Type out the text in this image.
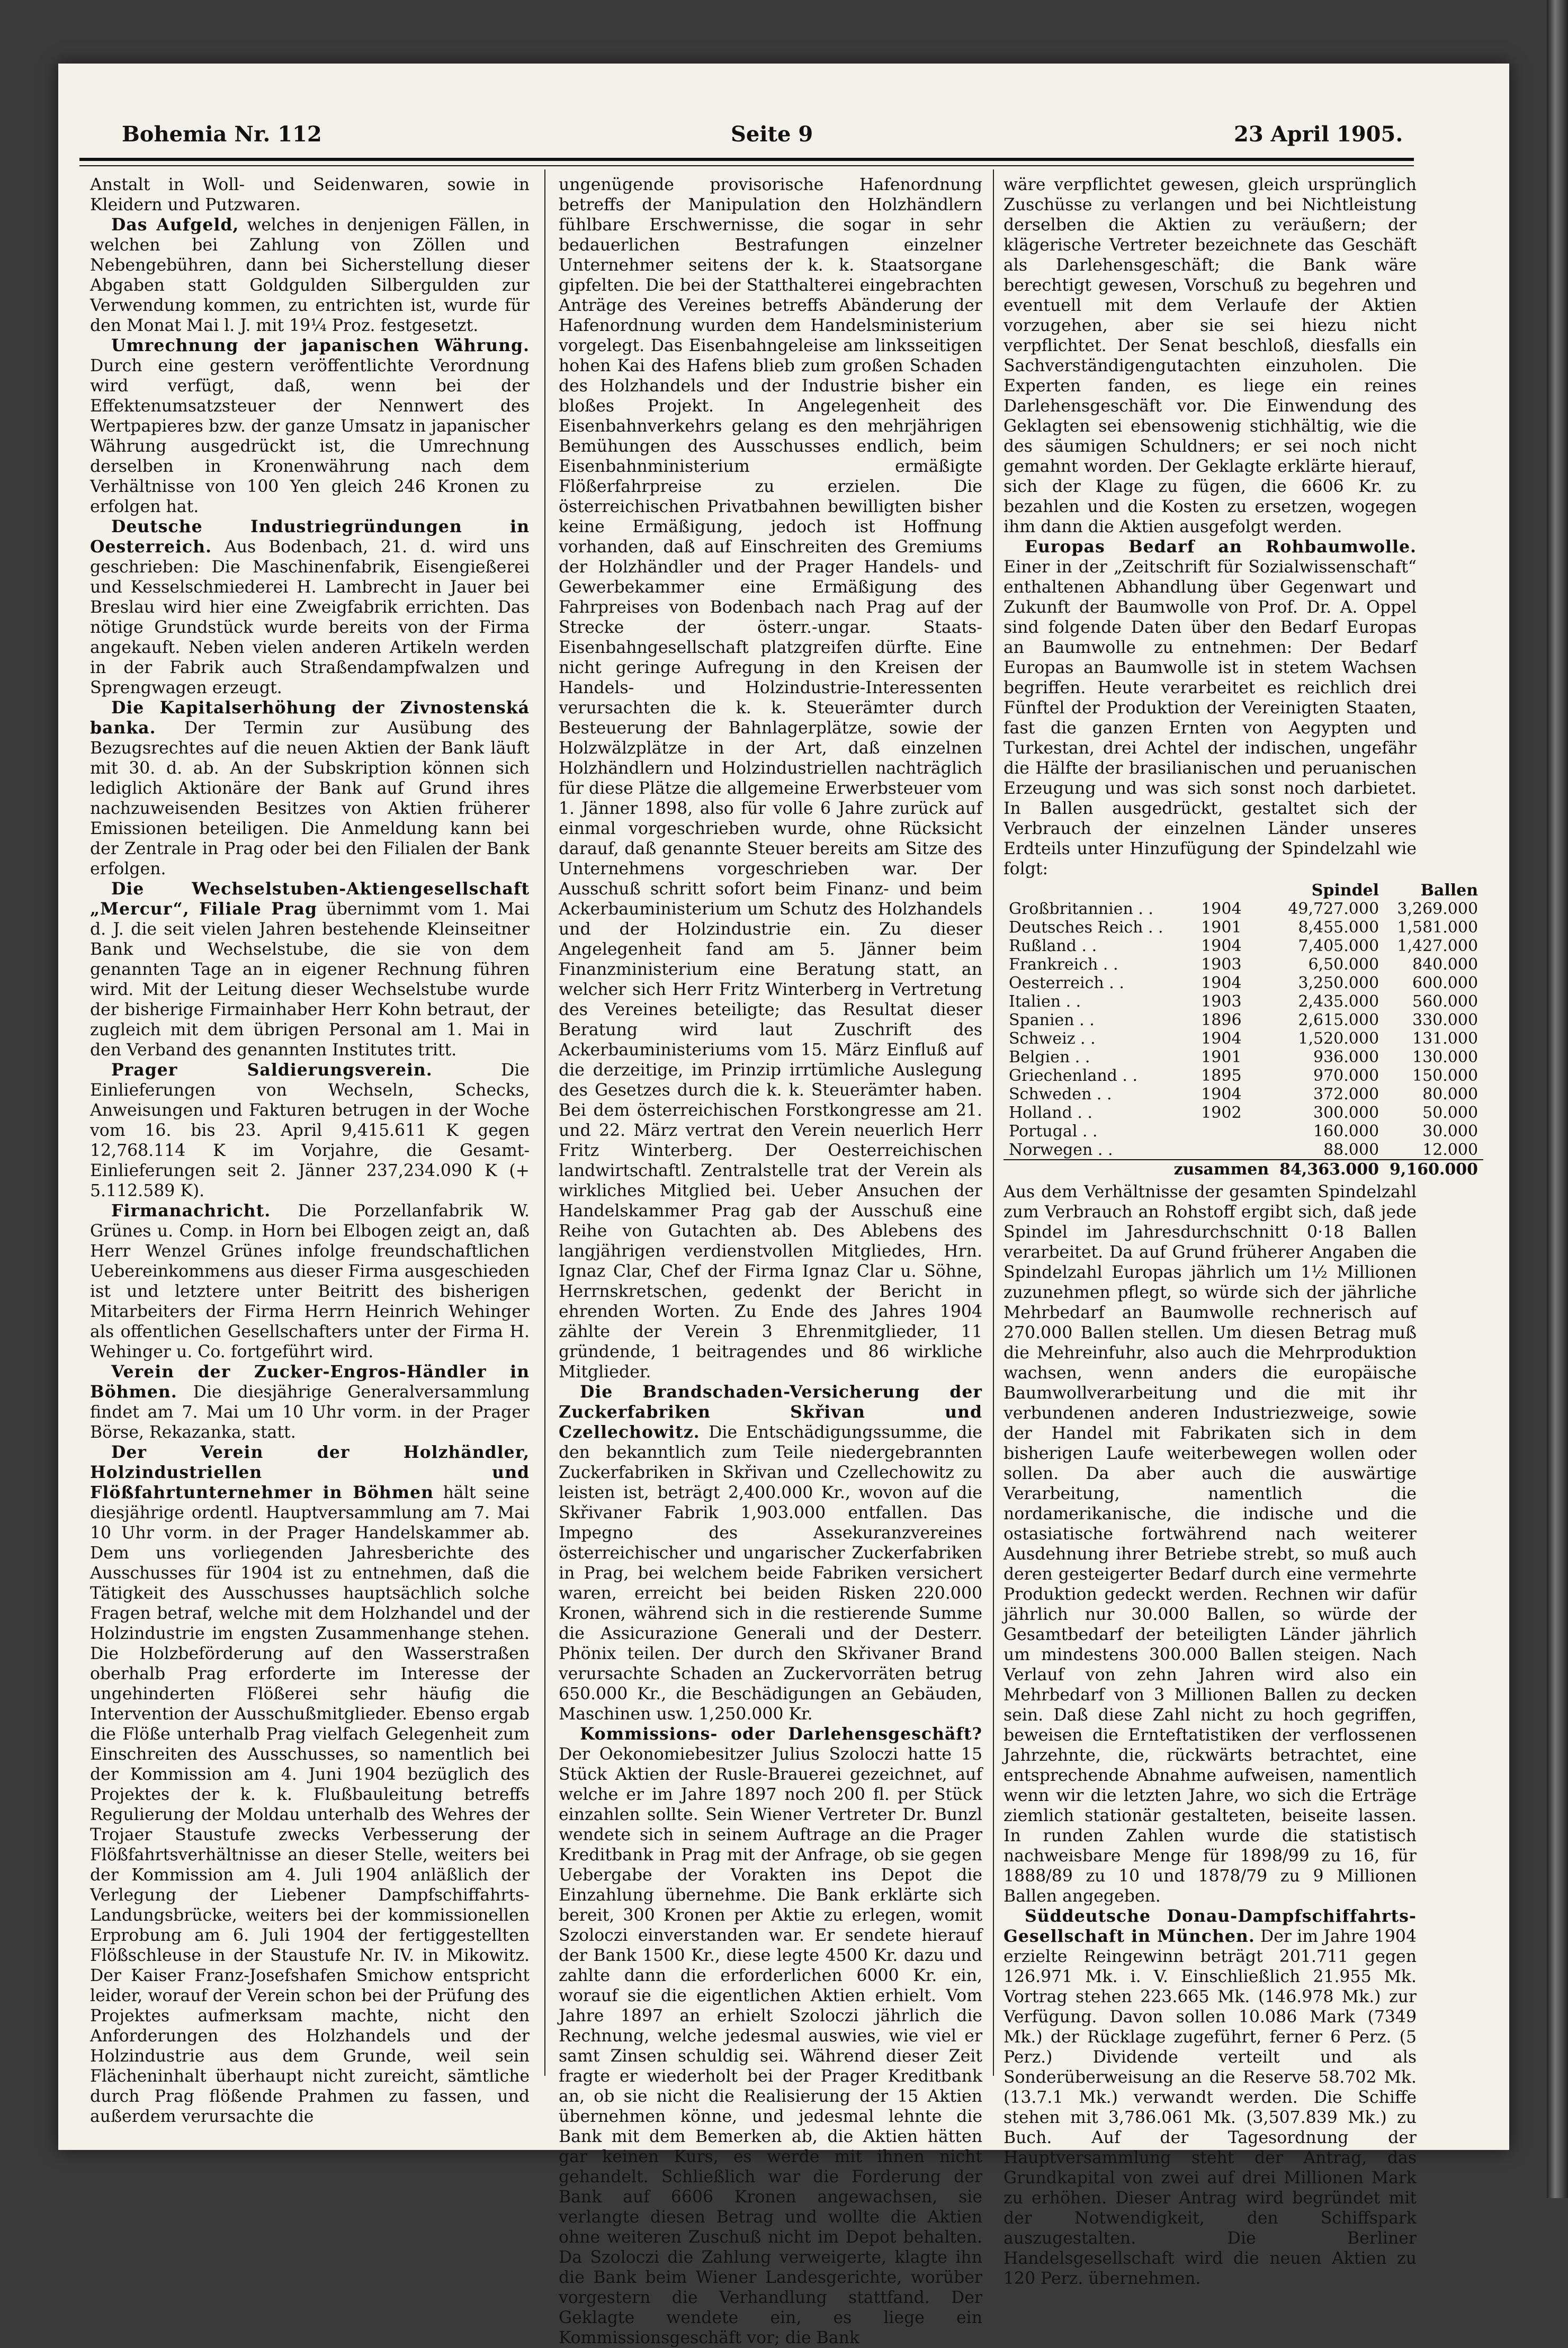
Bohemia Nr. 112	Seite 9	23 April 1905.

Anstalt in Woll- und Seidenwaren, sowie in Kleidern und Putzwaren.

Das Aufgeld, welches in denjenigen Fällen, in welchen bei Zahlung von Zöllen und Nebengebühren, dann bei Sicherstellung dieser Abgaben statt Goldgulden Silbergulden zur Verwendung kommen, zu entrichten ist, wurde für den Monat Mai l. J. mit 19¼ Proz. festgesetzt.

Umrechnung der japanischen Währung. Durch eine gestern veröffentlichte Verordnung wird verfügt, daß, wenn bei der Effektenumsatzsteuer der Nennwert des Wertpapieres bzw. der ganze Umsatz in japanischer Währung ausgedrückt ist, die Umrechnung derselben in Kronenwährung nach dem Verhältnisse von 100 Yen gleich 246 Kronen zu erfolgen hat.

Deutsche Industriegründungen in Oesterreich. Aus Bodenbach, 21. d. wird uns geschrieben: Die Maschinenfabrik, Eisengießerei und Kesselschmiederei H. Lambrecht in Jauer bei Breslau wird hier eine Zweigfabrik errichten. Das nötige Grundstück wurde bereits von der Firma angekauft. Neben vielen anderen Artikeln werden in der Fabrik auch Straßendampfwalzen und Sprengwagen erzeugt.

Die Kapitalserhöhung der Zivnostenská banka. Der Termin zur Ausübung des Bezugsrechtes auf die neuen Aktien der Bank läuft mit 30. d. ab. An der Subskription können sich lediglich Aktionäre der Bank auf Grund ihres nachzuweisenden Besitzes von Aktien früherer Emissionen beteiligen. Die Anmeldung kann bei der Zentrale in Prag oder bei den Filialen der Bank erfolgen.

Die Wechselstuben-Aktiengesellschaft „Mercur“, Filiale Prag übernimmt vom 1. Mai d. J. die seit vielen Jahren bestehende Kleinseitner Bank und Wechselstube, die sie von dem genannten Tage an in eigener Rechnung führen wird. Mit der Leitung dieser Wechselstube wurde der bisherige Firmainhaber Herr Kohn betraut, der zugleich mit dem übrigen Personal am 1. Mai in den Verband des genannten Institutes tritt.

Prager Saldierungsverein.	Die Einlieferungen von Wechseln, Schecks, Anweisungen und Fakturen betrugen in der Woche vom 16. bis 23. April 9,415.611 K gegen 12,768.114 K im Vorjahre, die Gesamt-Einlieferungen seit 2. Jänner 237,234.090 K (+ 5.112.589 K).

Firmanachricht. Die Porzellanfabrik W. Grünes u. Comp. in Horn bei Elbogen zeigt an, daß Herr Wenzel Grünes infolge freundschaftlichen Uebereinkommens aus dieser Firma ausgeschieden ist und letztere unter Beitritt des bisherigen Mitarbeiters der Firma Herrn Heinrich Wehinger als offentlichen Gesellschafters unter der Firma H. Wehinger u. Co. fortgeführt wird.

Verein der Zucker-Engros-Händler in Böhmen. Die diesjährige Generalversammlung findet am 7. Mai um 10 Uhr vorm. in der Prager Börse, Rekazanka, statt.

Der Verein der Holzhändler, Holzindustriellen und Flößfahrtunternehmer in Böhmen hält seine diesjährige ordentl. Hauptversammlung am 7. Mai 10 Uhr vorm. in der Prager Handelskammer ab. Dem uns vorliegenden Jahresberichte des Ausschusses für 1904 ist zu entnehmen, daß die Tätigkeit des Ausschusses hauptsächlich solche Fragen betraf, welche mit dem Holzhandel und der Holzindustrie im engsten Zusammenhange stehen. Die Holzbeförderung auf den Wasserstraßen oberhalb Prag erforderte im Interesse der ungehinderten Flößerei sehr häufig die Intervention der Ausschußmitglieder. Ebenso ergab die Flöße unterhalb Prag vielfach Gelegenheit zum Einschreiten des Ausschusses, so namentlich bei der Kommission am 4. Juni 1904 bezüglich des Projektes der k. k. Flußbauleitung betreffs Regulierung der Moldau unterhalb des Wehres der Trojaer Staustufe zwecks Verbesserung der Flößfahrtsverhältnisse an dieser Stelle, weiters bei der Kommission am 4. Juli 1904 anläßlich der Verlegung der Liebener Dampfschiffahrts-Landungsbrücke, weiters bei der kommissionellen Erprobung am 6. Juli 1904 der fertiggestellten Flößschleuse in der Staustufe Nr. IV. in Mikowitz. Der Kaiser Franz-Josefshafen Smichow entspricht leider, worauf der Verein schon bei der Prüfung des Projektes aufmerksam machte, nicht den Anforderungen des Holzhandels und der Holzindustrie aus dem Grunde, weil sein Flächeninhalt überhaupt nicht zureicht, sämtliche durch Prag flößende Prahmen zu fassen, und außerdem verursachte die

ungenügende provisorische Hafenordnung betreffs der Manipulation den Holzhändlern fühlbare Erschwernisse, die sogar in sehr bedauerlichen Bestrafungen einzelner Unternehmer seitens der k. k. Staatsorgane gipfelten. Die bei der Statthalterei eingebrachten Anträge des Vereines betreffs Abänderung der Hafenordnung wurden dem Handelsministerium vorgelegt. Das Eisenbahngeleise am linksseitigen hohen Kai des Hafens blieb zum großen Schaden des Holzhandels und der Industrie bisher ein bloßes Projekt. In Angelegenheit des Eisenbahnverkehrs gelang es den mehrjährigen Bemühungen des Ausschusses endlich, beim Eisenbahnministerium ermäßigte Flößerfahrpreise zu erzielen. Die österreichischen Privatbahnen bewilligten bisher keine Ermäßigung, jedoch ist Hoffnung vorhanden, daß auf Einschreiten des Gremiums der Holzhändler und der Prager Handels- und Gewerbekammer eine Ermäßigung des Fahrpreises von Bodenbach nach Prag auf der Strecke der österr.-ungar. Staats-Eisenbahngesellschaft platzgreifen dürfte. Eine nicht geringe Aufregung in den Kreisen der Handels- und Holzindustrie-Interessenten verursachten die k. k. Steuerämter durch Besteuerung der Bahnlagerplätze, sowie der Holzwälzplätze in der Art, daß einzelnen Holzhändlern und Holzindustriellen nachträglich für diese Plätze die allgemeine Erwerbsteuer vom 1. Jänner 1898, also für volle 6 Jahre zurück auf einmal vorgeschrieben wurde, ohne Rücksicht darauf, daß genannte Steuer bereits am Sitze des Unternehmens vorgeschrieben war. Der Ausschuß schritt sofort beim Finanz- und beim Ackerbauministerium um Schutz des Holzhandels und der Holzindustrie ein. Zu dieser Angelegenheit fand am 5. Jänner beim Finanzministerium eine Beratung statt, an welcher sich Herr Fritz Winterberg in Vertretung des Vereines beteiligte; das Resultat dieser Beratung wird laut Zuschrift des Ackerbauministeriums vom 15. März Einfluß auf die derzeitige, im Prinzip irrtümliche Auslegung des Gesetzes durch die k. k. Steuerämter haben. Bei dem österreichischen Forstkongresse am 21. und 22. März vertrat den Verein neuerlich Herr Fritz Winterberg. Der Oesterreichischen landwirtschaftl. Zentralstelle trat der Verein als wirkliches Mitglied bei. Ueber Ansuchen der Handelskammer Prag gab der Ausschuß eine Reihe von Gutachten ab. Des Ablebens des langjährigen verdienstvollen Mitgliedes, Hrn. Ignaz Clar, Chef der Firma Ignaz Clar u. Söhne, Herrnskretschen, gedenkt der Bericht in ehrenden Worten. Zu Ende des Jahres 1904 zählte der Verein 3 Ehrenmitglieder, 11 gründende, 1 beitragendes und 86 wirkliche Mitglieder.

Die Brandschaden-Versicherung der Zuckerfabriken Skřivan und Czellechowitz. Die Entschädigungssumme, die den bekanntlich zum Teile niedergebrannten Zuckerfabriken in Skřivan und Czellechowitz zu leisten ist, beträgt 2,400.000 Kr., wovon auf die Skřivaner Fabrik 1,903.000 entfallen. Das Impegno des Assekuranzvereines österreichischer und ungarischer Zuckerfabriken in Prag, bei welchem beide Fabriken versichert waren, erreicht bei beiden Risken 220.000 Kronen, während sich in die restierende Summe die Assicurazione Generali und der Desterr. Phönix teilen. Der durch den Skřivaner Brand verursachte Schaden an Zuckervorräten betrug 650.000 Kr., die Beschädigungen an Gebäuden, Maschinen usw. 1,250.000 Kr.

Kommissions- oder Darlehensgeschäft? Der Oekonomiebesitzer Julius Szoloczi hatte 15 Stück Aktien der Rusle-Brauerei gezeichnet, auf welche er im Jahre 1897 noch 200 fl. per Stück einzahlen sollte. Sein Wiener Vertreter Dr. Bunzl wendete sich in seinem Auftrage an die Prager Kreditbank in Prag mit der Anfrage, ob sie gegen Uebergabe der Vorakten ins Depot die Einzahlung übernehme. Die Bank erklärte sich bereit, 300 Kronen per Aktie zu erlegen, womit Szoloczi einverstanden war. Er sendete hierauf der Bank 1500 Kr., diese legte 4500 Kr. dazu und zahlte dann die erforderlichen 6000 Kr. ein, worauf sie die eigentlichen Aktien erhielt. Vom Jahre 1897 an erhielt Szoloczi jährlich die Rechnung, welche jedesmal auswies, wie viel er samt Zinsen schuldig sei. Während dieser Zeit fragte er wiederholt bei der Prager Kreditbank an, ob sie nicht die Realisierung der 15 Aktien übernehmen könne, und jedesmal lehnte die Bank mit dem Bemerken ab, die Aktien hätten gar keinen Kurs, es werde mit ihnen nicht gehandelt. Schließlich war die Forderung der Bank auf 6606 Kronen angewachsen, sie verlangte diesen Betrag und wollte die Aktien ohne weiteren Zuschuß nicht im Depot behalten. Da Szoloczi die Zahlung verweigerte, klagte ihn die Bank beim Wiener Landesgerichte, worüber vorgestern die Verhandlung stattfand. Der Geklagte wendete ein, es liege ein Kommissionsgeschäft vor; die Bank

wäre verpflichtet gewesen, gleich ursprünglich Zuschüsse zu verlangen und bei Nichtleistung derselben die Aktien zu veräußern; der klägerische Vertreter bezeichnete das Geschäft als Darlehensgeschäft; die Bank wäre berechtigt gewesen, Vorschuß zu begehren und eventuell mit dem Verlaufe der Aktien vorzugehen, aber sie sei hiezu nicht verpflichtet. Der Senat beschloß, diesfalls ein Sachverständigengutachten einzuholen. Die Experten fanden, es liege ein reines Darlehensgeschäft vor. Die Einwendung des Geklagten sei ebensowenig stichhältig, wie die des säumigen Schuldners; er sei noch nicht gemahnt worden. Der Geklagte erklärte hierauf, sich der Klage zu fügen, die 6606 Kr. zu bezahlen und die Kosten zu ersetzen, wogegen ihm dann die Aktien ausgefolgt werden.

Europas Bedarf an Rohbaumwolle. Einer in der „Zeitschrift für Sozialwissenschaft“ enthaltenen Abhandlung über Gegenwart und Zukunft der Baumwolle von Prof. Dr. A. Oppel sind folgende Daten über den Bedarf Europas an Baumwolle zu entnehmen: Der Bedarf Europas an Baumwolle ist in stetem Wachsen begriffen. Heute verarbeitet es reichlich drei Fünftel der Produktion der Vereinigten Staaten, fast die ganzen Ernten von Aegypten und Turkestan, drei Achtel der indischen, ungefähr die Hälfte der brasilianischen und peruanischen Erzeugung und was sich sonst noch darbietet. In Ballen ausgedrückt, gestaltet sich der Verbrauch der einzelnen Länder unseres Erdteils unter Hinzufügung der Spindelzahl wie folgt:

		Spindel	Ballen
Großbritannien . .	1904	49,727.000	3,269.000
Deutsches Reich . .	1901	8,455.000	1,581.000
Rußland . .	1904	7,405.000	1,427.000
Frankreich . .	1903	6,50.000	840.000
Oesterreich . .	1904	3,250.000	600.000
Italien . .	1903	2,435.000	560.000
Spanien . .	1896	2,615.000	330.000
Schweiz . .	1904	1,520.000	131.000
Belgien . .	1901	936.000	130.000
Griechenland . .	1895	970.000	150.000
Schweden . .	1904	372.000	80.000
Holland . .	1902	300.000	50.000
Portugal . .		160.000	30.000
Norwegen . .		88.000	12.000
	zusammen	84,363.000	9,160.000

Aus dem Verhältnisse der gesamten Spindelzahl zum Verbrauch an Rohstoff ergibt sich, daß jede Spindel im Jahresdurchschnitt 0·18 Ballen verarbeitet. Da auf Grund früherer Angaben die Spindelzahl Europas jährlich um 1½ Millionen zuzunehmen pflegt, so würde sich der jährliche Mehrbedarf an Baumwolle rechnerisch auf 270.000 Ballen stellen. Um diesen Betrag muß die Mehreinfuhr, also auch die Mehrproduktion wachsen, wenn anders die europäische Baumwollverarbeitung und die mit ihr verbundenen anderen Industriezweige, sowie der Handel mit Fabrikaten sich in dem bisherigen Laufe weiterbewegen wollen oder sollen. Da aber auch die auswärtige Verarbeitung, namentlich die nordamerikanische, die indische und die ostasiatische fortwährend nach weiterer Ausdehnung ihrer Betriebe strebt, so muß auch deren gesteigerter Bedarf durch eine vermehrte Produktion gedeckt werden. Rechnen wir dafür jährlich nur 30.000 Ballen, so würde der Gesamtbedarf der beteiligten Länder jährlich um mindestens 300.000 Ballen steigen. Nach Verlauf von zehn Jahren wird also ein Mehrbedarf von 3 Millionen Ballen zu decken sein. Daß diese Zahl nicht zu hoch gegriffen, beweisen die Ernteftatistiken der verflossenen Jahrzehnte, die, rückwärts betrachtet, eine entsprechende Abnahme aufweisen, namentlich wenn wir die letzten Jahre, wo sich die Erträge ziemlich stationär gestalteten, beiseite lassen. In runden Zahlen wurde die statistisch nachweisbare Menge für 1898/99 zu 16, für 1888/89 zu 10 und 1878/79 zu 9 Millionen Ballen angegeben.

Süddeutsche Donau-Dampfschiffahrts-Gesellschaft in München. Der im Jahre 1904 erzielte Reingewinn beträgt 201.711 gegen 126.971 Mk. i. V. Einschließlich 21.955 Mk. Vortrag stehen 223.665 Mk. (146.978 Mk.) zur Verfügung. Davon sollen 10.086 Mark (7349 Mk.) der Rücklage zugeführt, ferner 6 Perz. (5 Perz.) Dividende verteilt und als Sonderüberweisung an die Reserve 58.702 Mk. (13.7.1 Mk.) verwandt werden. Die Schiffe stehen mit 3,786.061 Mk. (3,507.839 Mk.) zu Buch. Auf der Tagesordnung der Hauptversammlung steht der Antrag, das Grundkapital von zwei auf drei Millionen Mark zu erhöhen. Dieser Antrag wird begründet mit der Notwendigkeit, den Schiffspark auszugestalten. Die Berliner Handelsgesellschaft wird die neuen Aktien zu 120 Perz. übernehmen.
